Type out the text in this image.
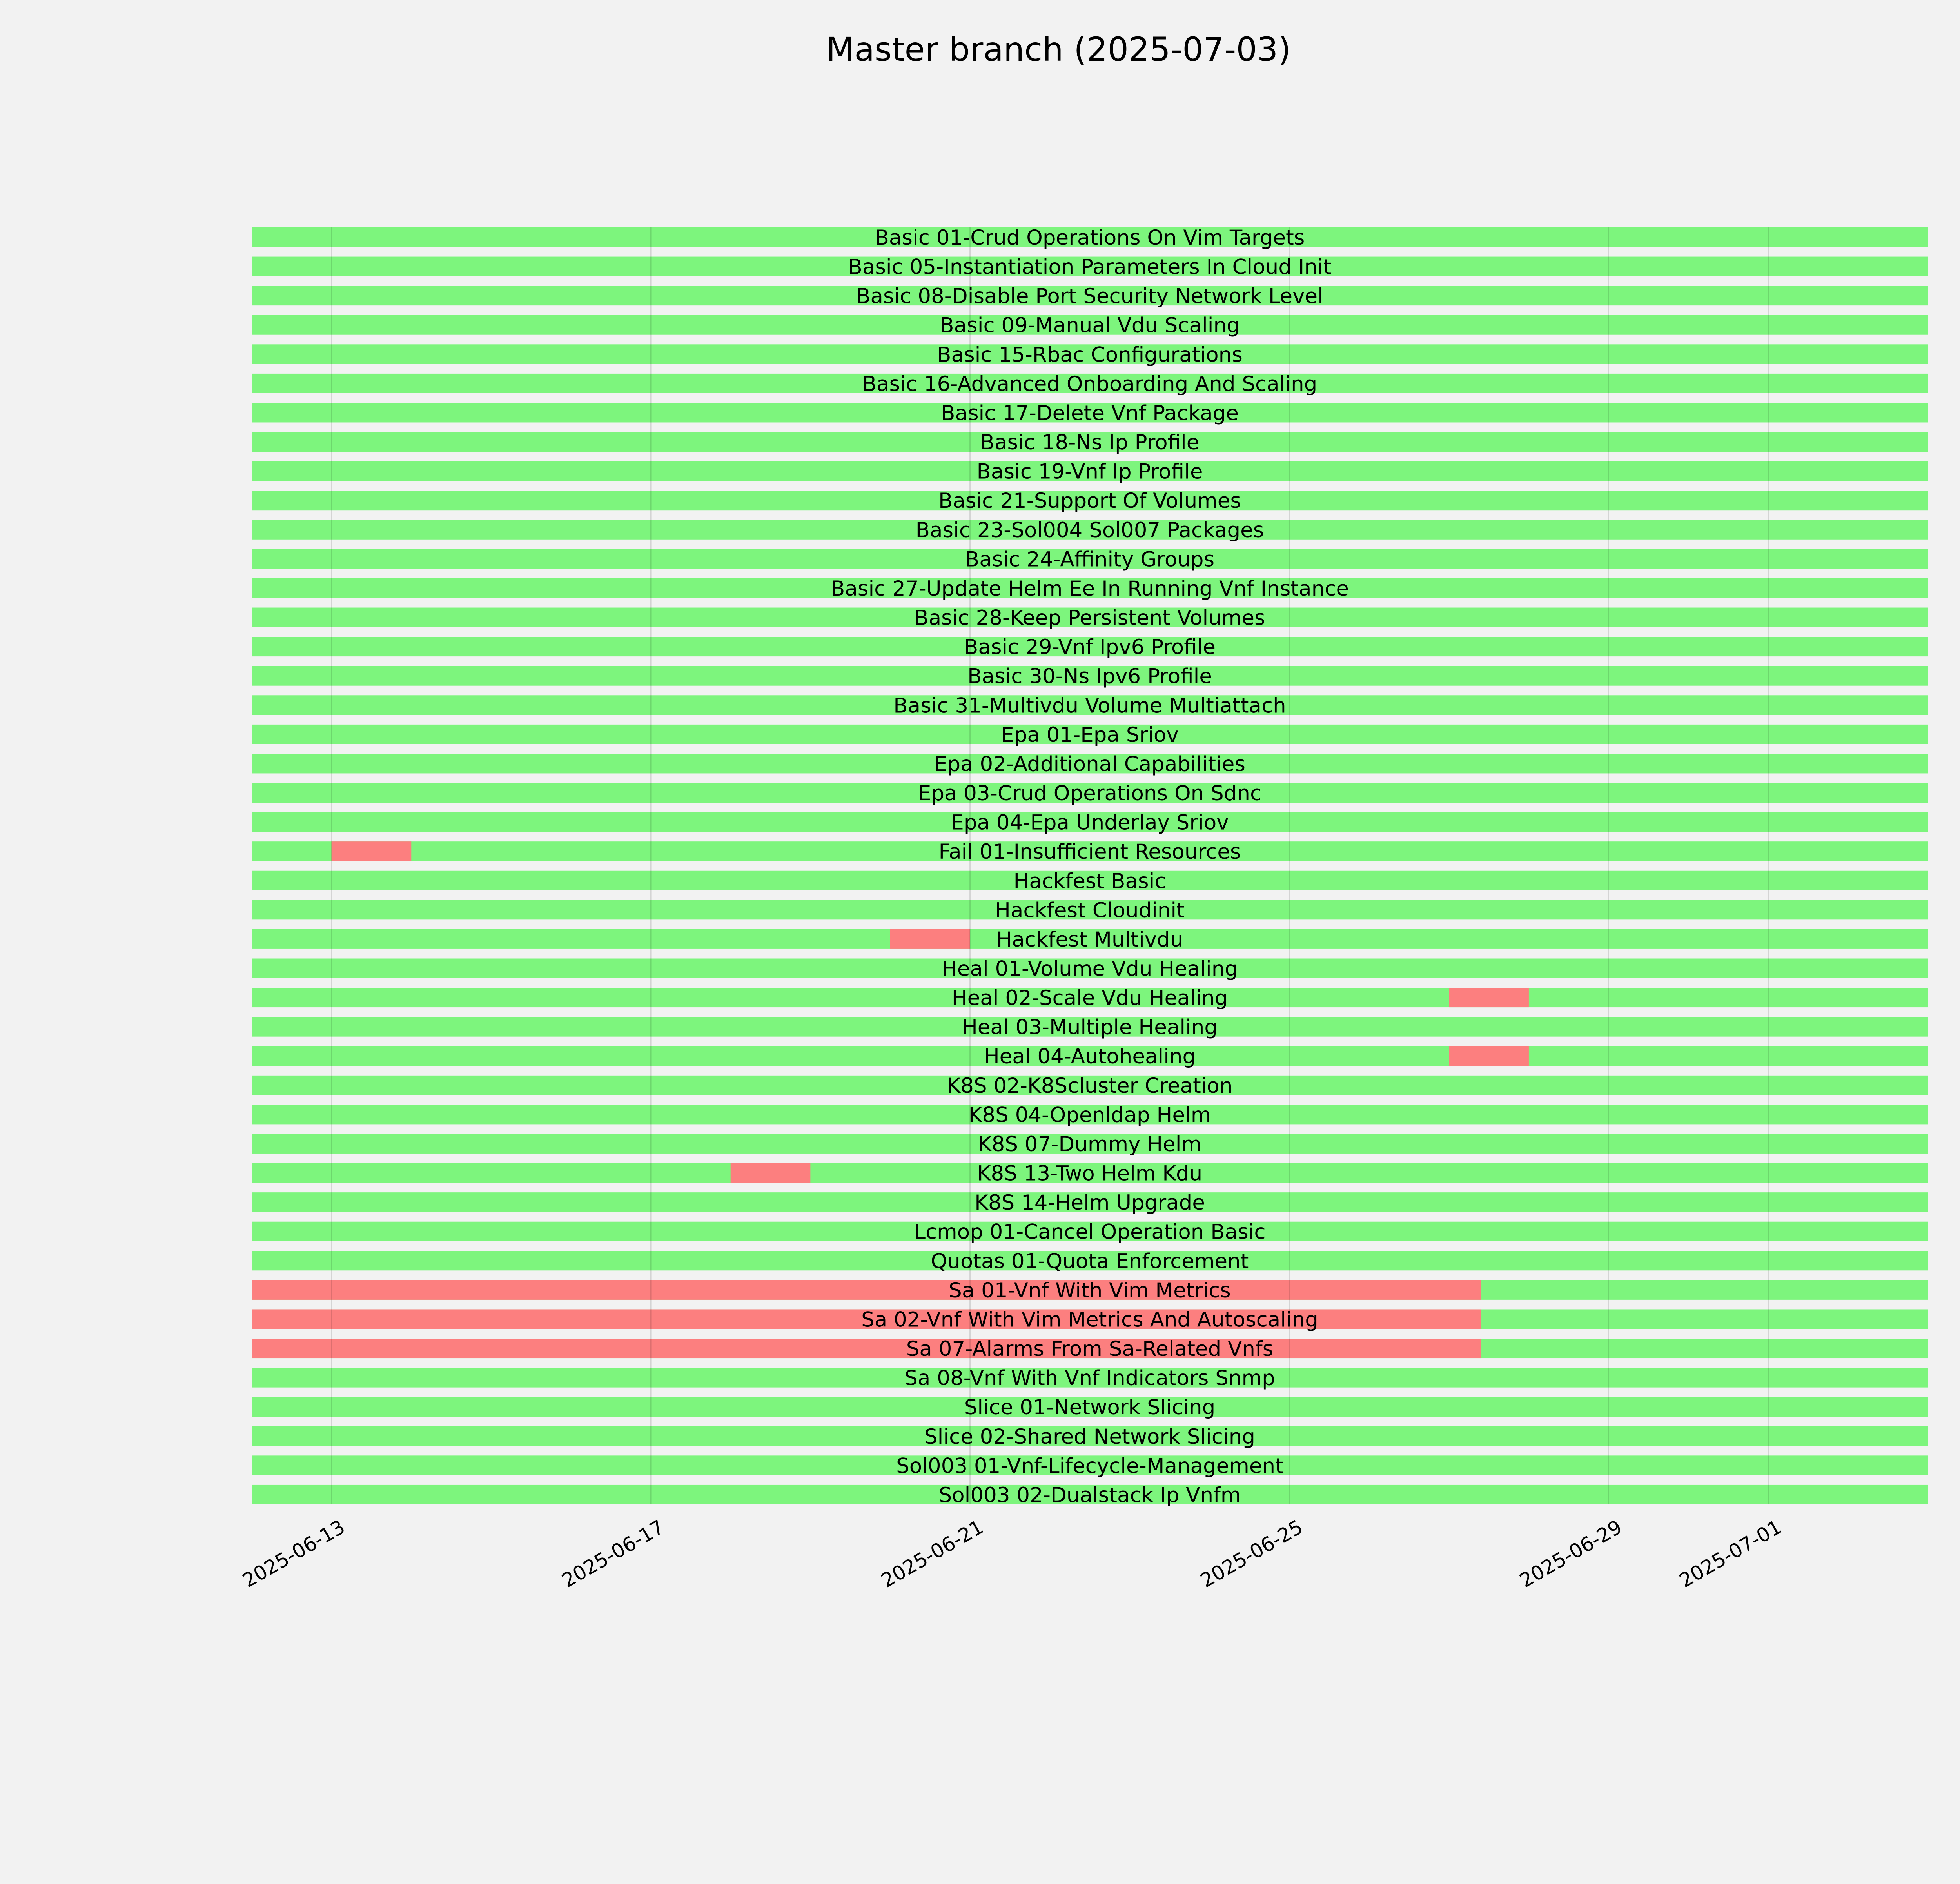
Master branch (2025-07-03)
Basic 01-Crud Operations On Vim Targets
Basic 05-Instantiation Parameters In Cloud Init
Basic 08-Disable Port Security Network Level
Basic 09-Manual Vdu Scaling
Basic 15-Rbac Configurations
Basic 16-Advanced Onboarding And Scaling
Basic 17-Delete Vnf Package
Basic 18-Ns Ip Profile
Basic 19-Vnf Ip Profile
Basic 21-Support Of Volumes
Basic 23-Sol004 Sol007 Packages
Basic 24-Affinity Groups
Basic 27-Update Helm Ee In Running Vnf Instance
Basic 28-Keep Persistent Volumes
Basic 29-Vnf Ipv6 Profile
Basic 30-Ns Ipv6 Profile
Basic 31-Multivdu Volume Multiattach
Epa 01-Epa Sriov
Epa 02-Additional Capabilities
Epa 03-Crud Operations On Sdnc
Epa 04-Epa Underlay Sriov
Fail 01-Insufficient Resources
Hackfest Basic
Hackfest Cloudinit
Hackfest Multivdu
Heal 01-Volume Vdu Healing
Heal 02-Scale Vdu Healing
Heal 03-Multiple Healing
Heal 04-Autohealing
K8S 02-K8Scluster Creation
K8S 04-Openldap Helm
K8S 07-Dummy Helm
K8S 13-Two Helm Kdu
K8S 14-Helm Upgrade
Lcmop 01-Cancel Operation Basic
Quotas 01-Quota Enforcement
Sa 01-Vnf With Vim Metrics
Sa 02-Vnf With Vim Metrics And Autoscaling
Sa 07-Alarms From Sa-Related Vnfs
Sa 08-Vnf With Vnf Indicators Snmp
Slice 01-Network Slicing
Slice 02-Shared Network Slicing
Sol003 01-Vnf-Lifecycle-Management
Sol003 02-Dualstack Ip Vnfm
2025-06-13	2025-06-17	2025-06-21	2025-06-25	2025-06-29	2025-07-01
